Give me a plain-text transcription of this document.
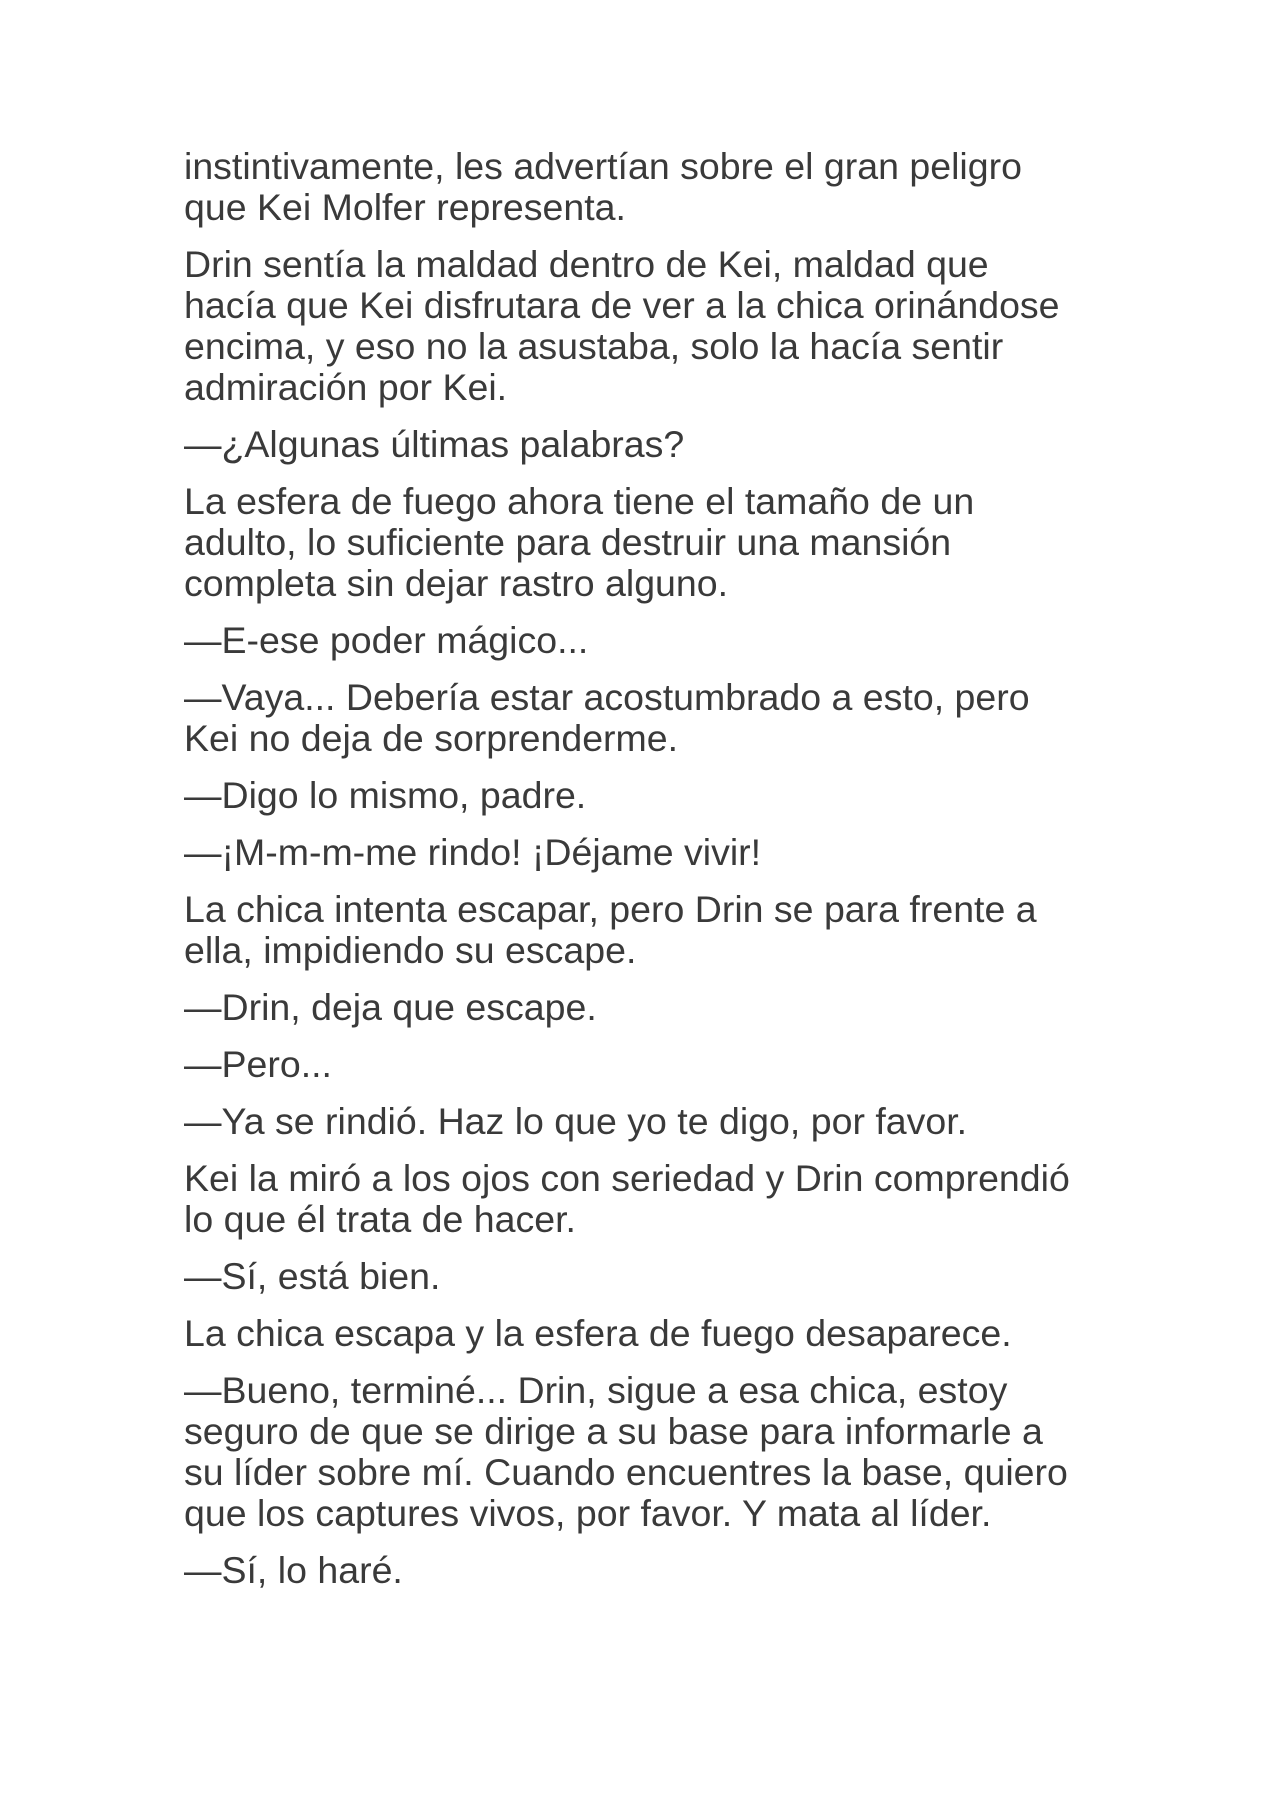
instintivamente, les advertían sobre el gran peligro
que Kei Molfer representa.

Drin sentía la maldad dentro de Kei, maldad que
hacía que Kei disfrutara de ver a la chica orinándose
encima, y eso no la asustaba, solo la hacía sentir
admiración por Kei.

—¿Algunas últimas palabras?

La esfera de fuego ahora tiene el tamaño de un
adulto, lo suficiente para destruir una mansión
completa sin dejar rastro alguno.

—E-ese poder mágico...

—Vaya... Debería estar acostumbrado a esto, pero
Kei no deja de sorprenderme.

—Digo lo mismo, padre.

—¡M-m-m-me rindo! ¡Déjame vivir!

La chica intenta escapar, pero Drin se para frente a
ella, impidiendo su escape.

—Drin, deja que escape.

—Pero...

—Ya se rindió. Haz lo que yo te digo, por favor.

Kei la miró a los ojos con seriedad y Drin comprendió
lo que él trata de hacer.

—Sí, está bien.

La chica escapa y la esfera de fuego desaparece.

—Bueno, terminé... Drin, sigue a esa chica, estoy
seguro de que se dirige a su base para informarle a
su líder sobre mí. Cuando encuentres la base, quiero
que los captures vivos, por favor. Y mata al líder.

—Sí, lo haré.
